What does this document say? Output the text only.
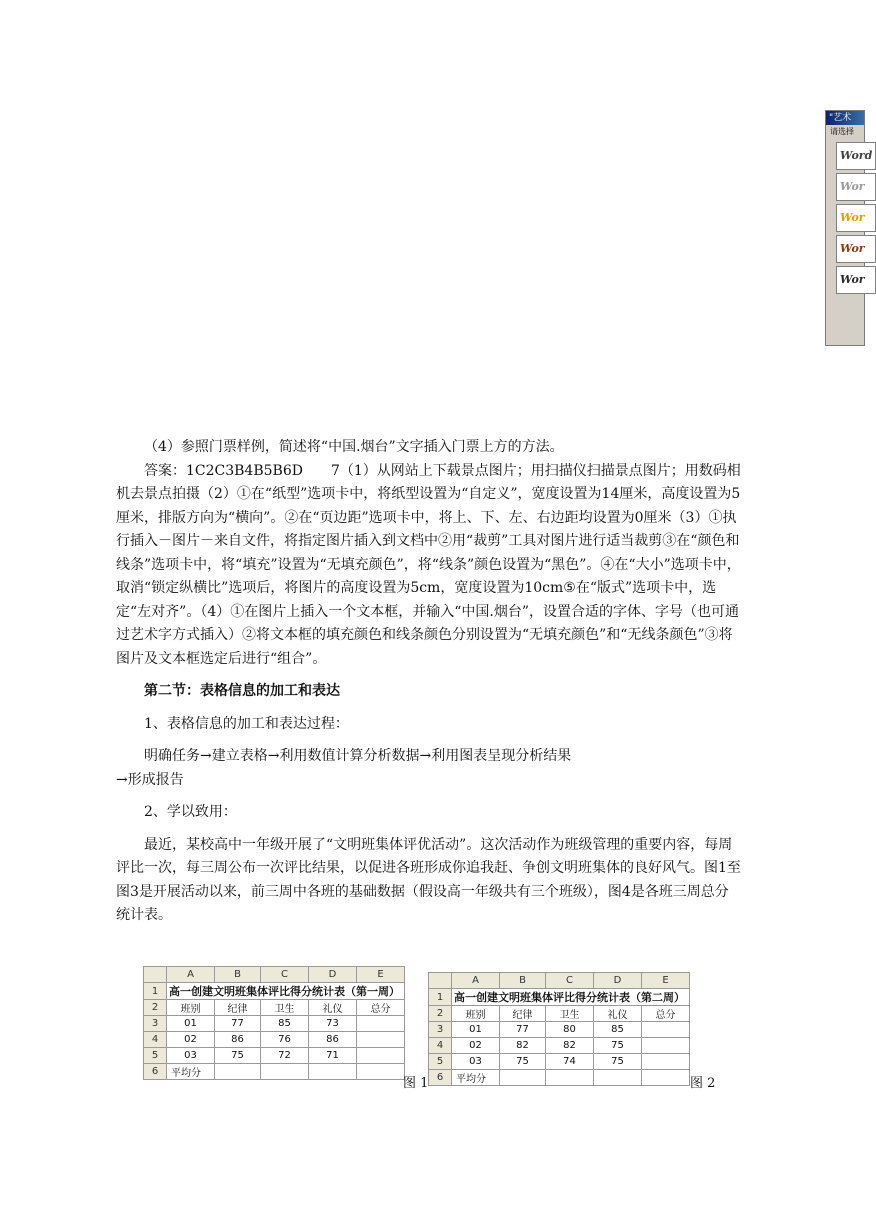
"艺术
请选择
Word
Wor
Wor
Wor
Wor

（4）参照门票样例，简述将“中国.烟台”文字插入门票上方的方法。

答案：1C2C3B4B5B6D　　7（1）从网站上下载景点图片；用扫描仪扫描景点图片；用数码相机去景点拍摄（2）①在“纸型”选项卡中，将纸型设置为“自定义”，宽度设置为14厘米，高度设置为5厘米，排版方向为“横向”。②在“页边距”选项卡中，将上、下、左、右边距均设置为0厘米（3）①执行插入－图片－来自文件，将指定图片插入到文档中②用“裁剪”工具对图片进行适当裁剪③在“颜色和线条”选项卡中，将“填充”设置为“无填充颜色”，将“线条”颜色设置为“黑色”。④在“大小”选项卡中，取消“锁定纵横比”选项后，将图片的高度设置为5cm，宽度设置为10cm⑤在“版式”选项卡中，选定“左对齐”。（4）①在图片上插入一个文本框，并输入“中国.烟台”，设置合适的字体、字号（也可通过艺术字方式插入）②将文本框的填充颜色和线条颜色分别设置为“无填充颜色”和“无线条颜色”③将图片及文本框选定后进行“组合”。

第二节：表格信息的加工和表达

1、表格信息的加工和表达过程：

明确任务→建立表格→利用数值计算分析数据→利用图表呈现分析结果

→形成报告

2、学以致用：

最近，某校高中一年级开展了“文明班集体评优活动”。这次活动作为班级管理的重要内容，每周评比一次，每三周公布一次评比结果，以促进各班形成你追我赶、争创文明班集体的良好风气。图1至图3是开展活动以来，前三周中各班的基础数据（假设高一年级共有三个班级），图4是各班三周总分统计表。

	A	B	C	D	E
1	高一创建文明班集体评比得分统计表（第一周）				
2	班别	纪律	卫生	礼仪	总分
3	01	77	85	73	
4	02	86	76	86	
5	03	75	72	71	
6	平均分				
图 1
	A	B	C	D	E
1	高一创建文明班集体评比得分统计表（第二周）				
2	班别	纪律	卫生	礼仪	总分
3	01	77	80	85	
4	02	82	82	75	
5	03	75	74	75	
6	平均分					图 2
